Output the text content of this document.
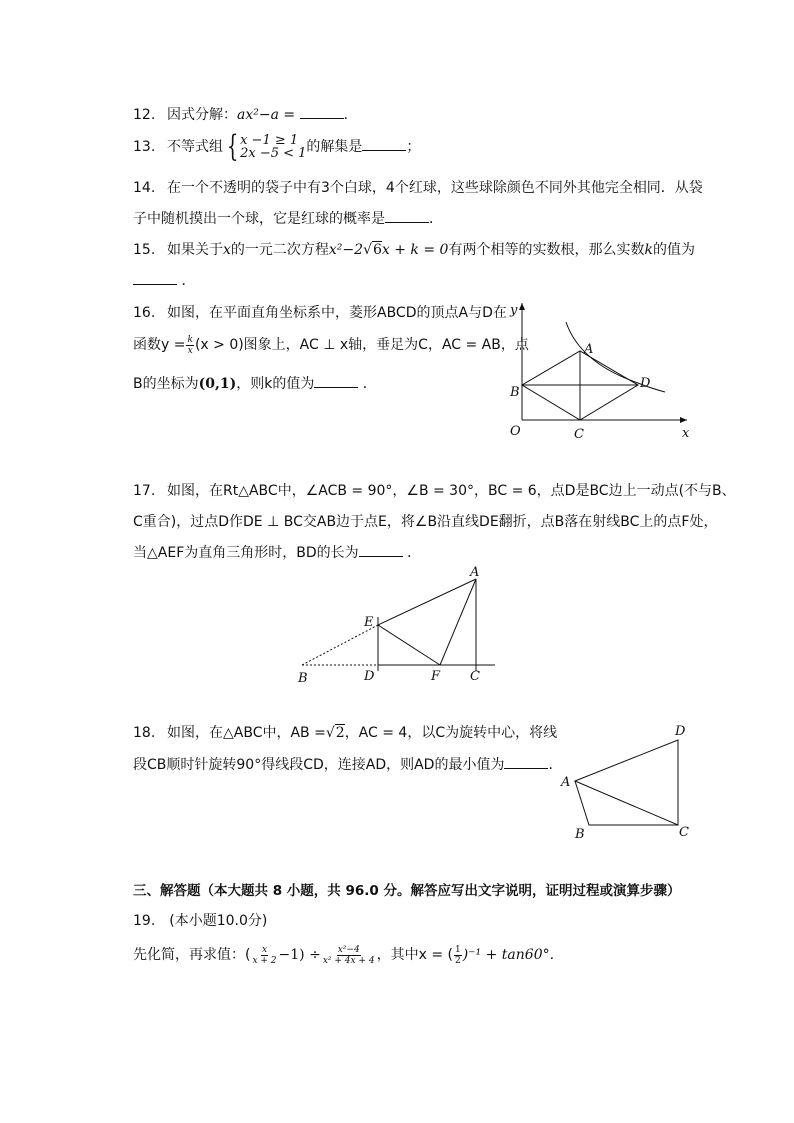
12. 因式分解：ax²−a =	．
13. 不等式组 { x −1 ≥ 1
2x −5 < 1 的解集是	；
14. 在一个不透明的袋子中有3个白球，4个红球，这些球除颜色不同外其他完全相同．从袋
子中随机摸出一个球，它是红球的概率是	．
15. 如果关于x的一元二次方程x²−2√6x + k = 0有两个相等的实数根，那么实数k的值为
．
16. 如图，在平面直角坐标系中，菱形ABCD的顶点A与D在
函数$y = \frac{k}{x} (x > 0)$图象上，AC ⊥ x轴，垂足为C，AC = AB，点
B的坐标为(0,1)，则k的值为	．
y
x
O
A
B
C
D
17. 如图，在Rt△ABC中，∠ACB = 90°，∠B = 30°，BC = 6，点D是BC边上一动点(不与B、
C重合)，过点D作DE ⊥ BC交AB边于点E，将∠B沿直线DE翻折，点B落在射线BC上的点F处，
当△AEF为直角三角形时，BD的长为	．
A
E
B	D	F C
18. 如图，在△ABC中，AB =√2，AC = 4，以C为旋转中心，将线
段CB顺时针旋转90°得线段CD，连接AD，则AD的最小值为	．
D
A
B	C
三、解答题（本大题共 8 小题，共 96.0 分。解答应写出文字说明，证明过程或演算步骤）
19.　(本小题10.0分)
先化简，再求值：( $\frac{x}{x + 2} -1) \div \frac{\text{x²−4}}{\text{x² + 4x + 4}}$ ，其中x = ( $\frac{1}{2} )^{-1} + \tan 60^\circ$.
